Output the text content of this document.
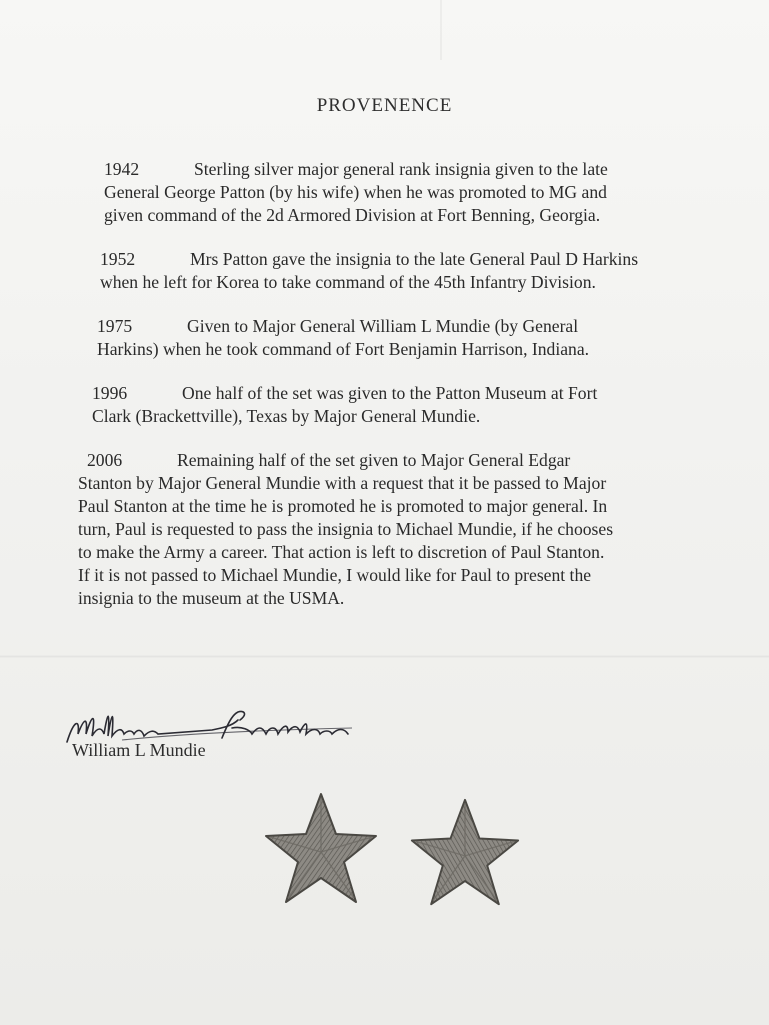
PROVENENCE

1942	Sterling silver major general rank insignia given to the late

General George Patton (by his wife) when he was promoted to MG and

given command of the 2d Armored Division at Fort Benning, Georgia.

1952	Mrs Patton gave the insignia to the late General Paul D Harkins

when he left for Korea to take command of the 45th Infantry Division.

1975	Given to Major General William L Mundie (by General

Harkins) when he took command of Fort Benjamin Harrison, Indiana.

1996	One half of the set was given to the Patton Museum at Fort

Clark (Brackettville), Texas by Major General Mundie.

2006	Remaining half of the set given to Major General Edgar

Stanton by Major General Mundie with a request that it be passed to Major

Paul Stanton at the time he is promoted he is promoted to major general. In

turn, Paul is requested to pass the insignia to Michael Mundie, if he chooses

to make the Army a career. That action is left to discretion of Paul Stanton.

If it is not passed to Michael Mundie, I would like for Paul to present the

insignia to the museum at the USMA.

William L Mundie
